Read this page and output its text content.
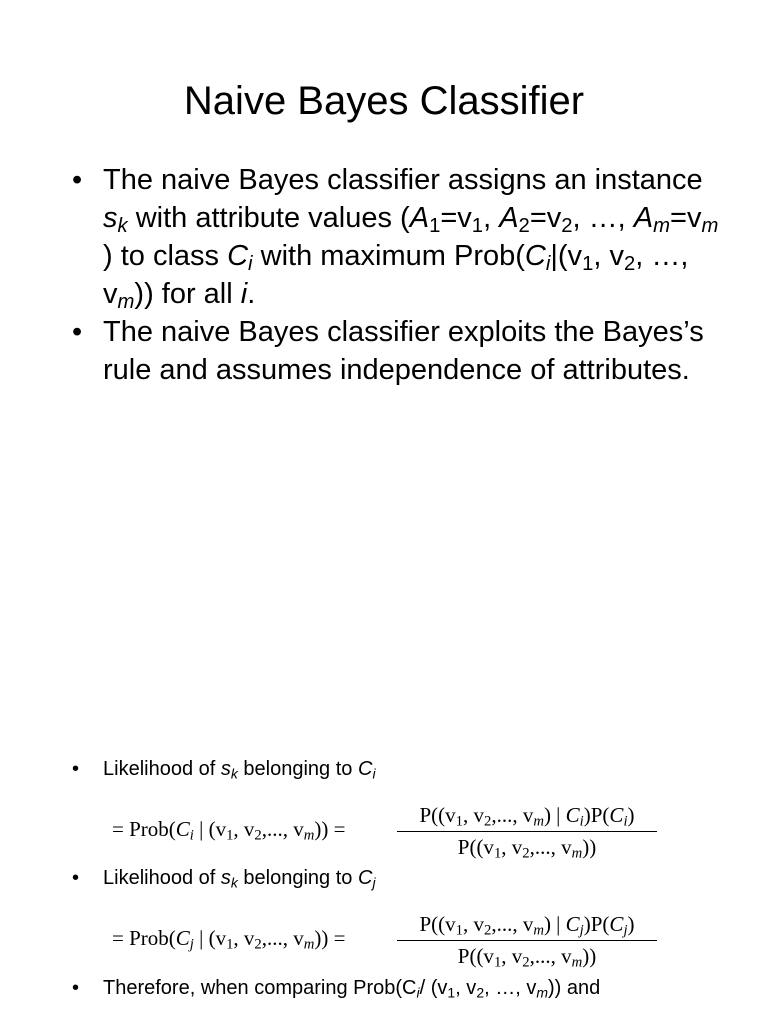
Naive Bayes Classifier
• The naive Bayes classifier assigns an instance $s_k$ with attribute values ($A_1=v_1$, $A_2=v_2$, …, $A_m=v_m$ ) to class $C_i$ with maximum $Prob(C_i|(v_1$, $v_2$, …, $v_m$)) for all i.
• The naive Bayes classifier exploits the Bayes’s rule and assumes independence of attributes.
• Likelihood of $s_k$ belonging to $C_i$
• Likelihood of $s_k$ belonging to $C_j$
• Therefore, when comparing $Prob(C_i/$ ($v_1$, $v_2$, …, $v_m$)) and
= $Prob(C_i$ | ($v_1$, $v_2$,..., $v_m$)) =
$P((v_1$, $v_2$,..., $v_m$) | $C_i)P(C_i)$
$P((v_1$, $v_2$,..., $v_m$))
= $Prob(C_j$ | ($v_1$, $v_2$,..., $v_m$)) =
$P((v_1$, $v_2$,..., $v_m$) | $C_j)P(C_j)$
$P((v_1$, $v_2$,..., $v_m$))
